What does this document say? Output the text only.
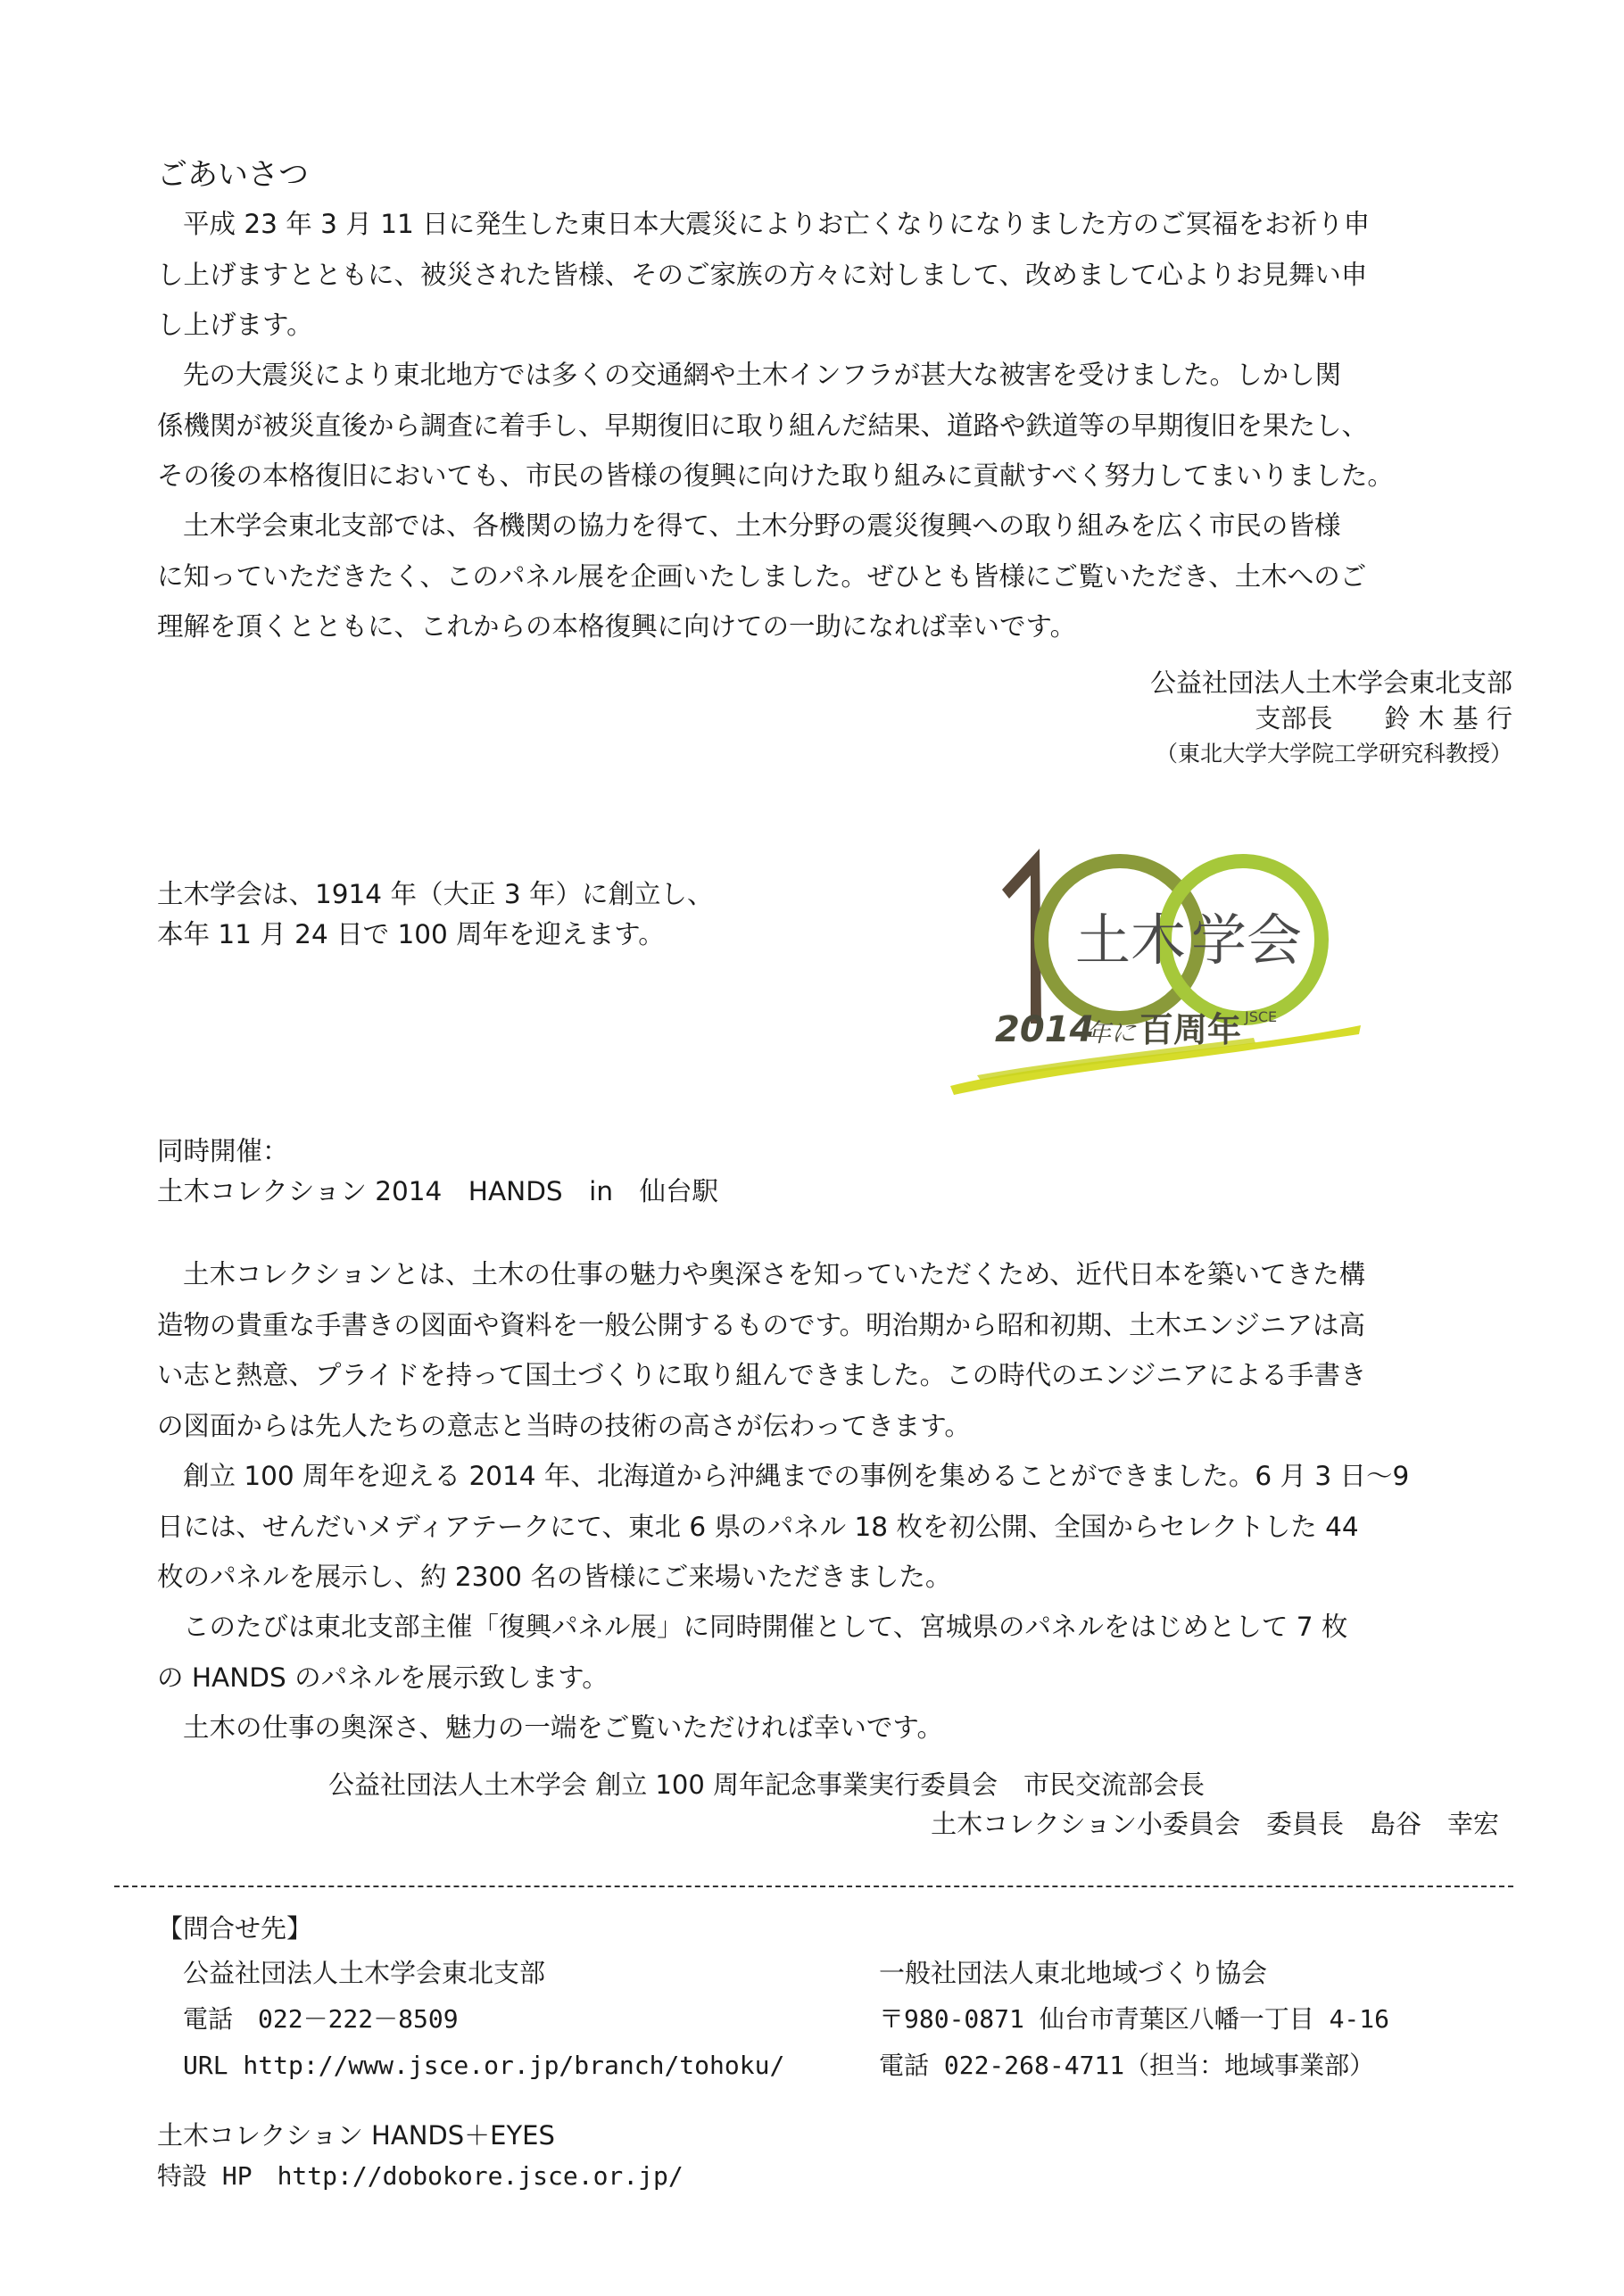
ごあいさつ
平成 23 年 3 月 11 日に発生した東日本大震災によりお亡くなりになりました方のご冥福をお祈り申
し上げますとともに、被災された皆様、そのご家族の方々に対しまして、改めまして心よりお見舞い申
し上げます。
先の大震災により東北地方では多くの交通網や土木インフラが甚大な被害を受けました。しかし関
係機関が被災直後から調査に着手し、早期復旧に取り組んだ結果、道路や鉄道等の早期復旧を果たし、
その後の本格復旧においても、市民の皆様の復興に向けた取り組みに貢献すべく努力してまいりました。
土木学会東北支部では、各機関の協力を得て、土木分野の震災復興への取り組みを広く市民の皆様
に知っていただきたく、このパネル展を企画いたしました。ぜひとも皆様にご覧いただき、土木へのご
理解を頂くとともに、これからの本格復興に向けての一助になれば幸いです。
公益社団法人土木学会東北支部
支部長　　鈴 木 基 行
（東北大学大学院工学研究科教授）
土木学会は、1914 年（大正 3 年）に創立し、
本年 11 月 24 日で 100 周年を迎えます。	土木 学会
2014
年に 百周年 JSCE
同時開催：
土木コレクション 2014　HANDS　in　仙台駅
土木コレクションとは、土木の仕事の魅力や奥深さを知っていただくため、近代日本を築いてきた構
造物の貴重な手書きの図面や資料を一般公開するものです。明治期から昭和初期、土木エンジニアは高
い志と熱意、プライドを持って国土づくりに取り組んできました。この時代のエンジニアによる手書き
の図面からは先人たちの意志と当時の技術の高さが伝わってきます。
創立 100 周年を迎える 2014 年、北海道から沖縄までの事例を集めることができました。6 月 3 日～9
日には、せんだいメディアテークにて、東北 6 県のパネル 18 枚を初公開、全国からセレクトした 44
枚のパネルを展示し、約 2300 名の皆様にご来場いただきました。
このたびは東北支部主催「復興パネル展」に同時開催として、宮城県のパネルをはじめとして 7 枚
の HANDS のパネルを展示致します。
土木の仕事の奥深さ、魅力の一端をご覧いただければ幸いです。
公益社団法人土木学会 創立 100 周年記念事業実行委員会　市民交流部会長
土木コレクション小委員会　委員長　島谷　幸宏
【問合せ先】
公益社団法人土木学会東北支部
電話　022－222－8509
URL http://www.jsce.or.jp/branch/tohoku/
一般社団法人東北地域づくり協会
〒980-0871 仙台市青葉区八幡一丁目 4-16
電話 022-268-4711（担当：地域事業部）
土木コレクション HANDS＋EYES
特設 HP　http://dobokore.jsce.or.jp/
